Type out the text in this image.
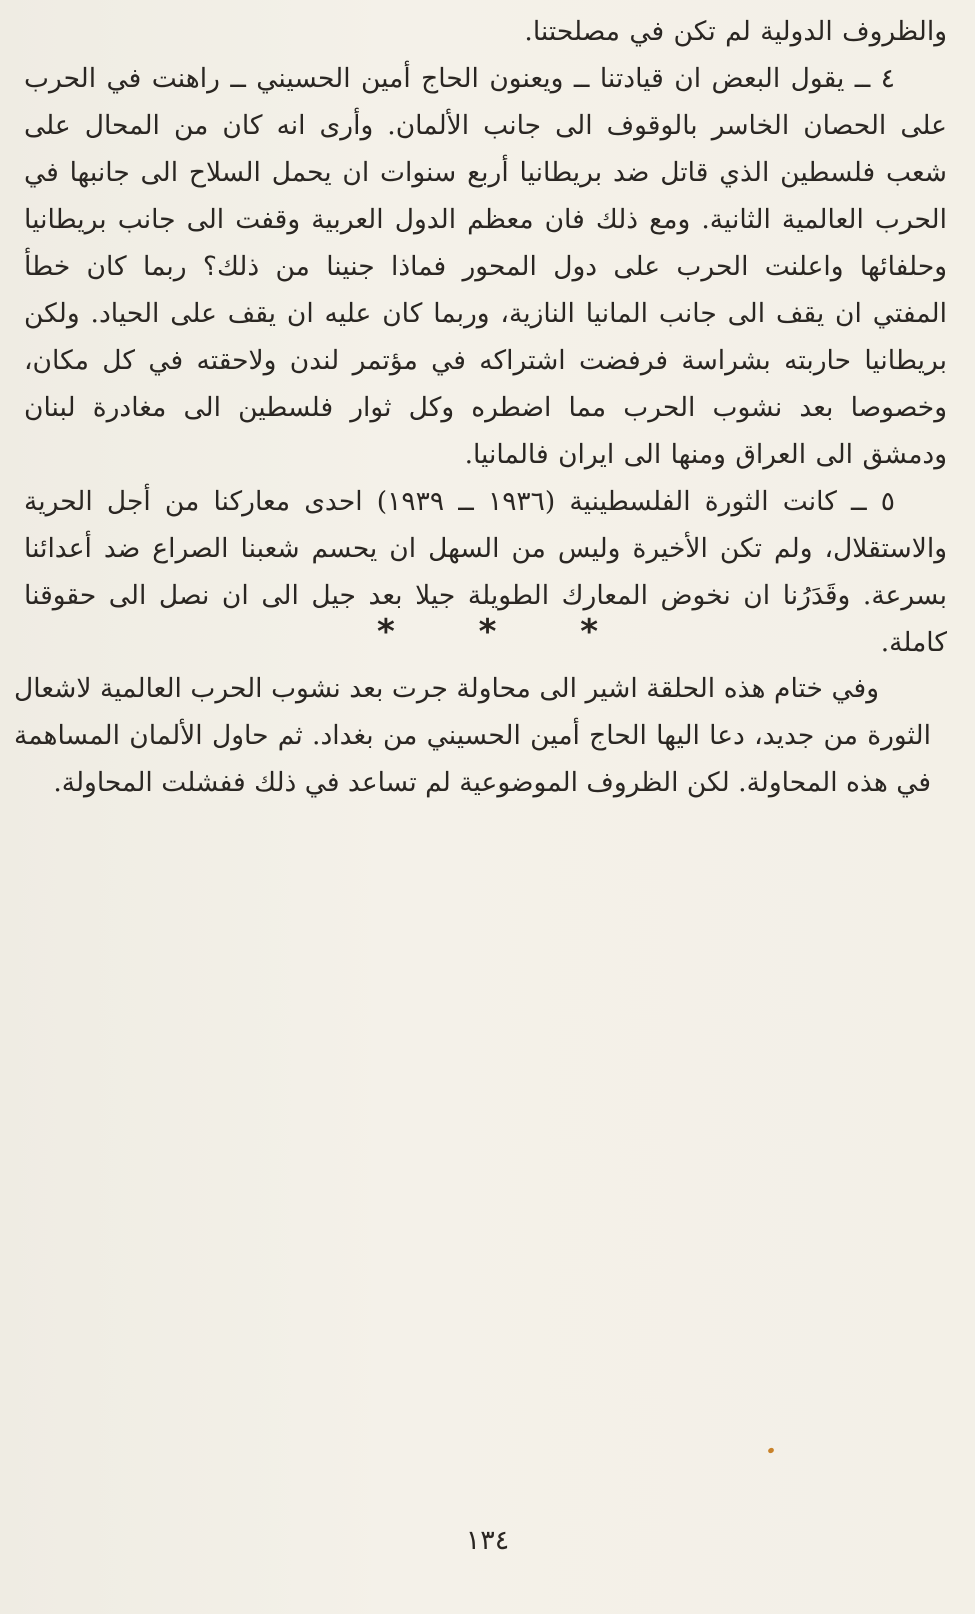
والظروف الدولية لم تكن في مصلحتنا.

٤ ــ يقول البعض ان قيادتنا ــ ويعنون الحاج أمين الحسيني ــ راهنت في الحرب على الحصان الخاسر بالوقوف الى جانب الألمان. وأرى انه كان من المحال على شعب فلسطين الذي قاتل ضد بريطانيا أربع سنوات ان يحمل السلاح الى جانبها في الحرب العالمية الثانية. ومع ذلك فان معظم الدول العربية وقفت الى جانب بريطانيا وحلفائها واعلنت الحرب على دول المحور فماذا جنينا من ذلك؟ ربما كان خطأ المفتي ان يقف الى جانب المانيا النازية، وربما كان عليه ان يقف على الحياد. ولكن بريطانيا حاربته بشراسة فرفضت اشتراكه في مؤتمر لندن ولاحقته في كل مكان، وخصوصا بعد نشوب الحرب مما اضطره وكل ثوار فلسطين الى مغادرة لبنان ودمشق الى العراق ومنها الى ايران فالمانيا.

٥ ــ كانت الثورة الفلسطينية (١٩٣٦ ــ ١٩٣٩) احدى معاركنا من أجل الحرية والاستقلال، ولم تكن الأخيرة وليس من السهل ان يحسم شعبنا الصراع ضد أعدائنا بسرعة. وقَدَرُنا ان نخوض المعارك الطويلة جيلا بعد جيل الى ان نصل الى حقوقنا كاملة.

* * *

وفي ختام هذه الحلقة اشير الى محاولة جرت بعد نشوب الحرب العالمية لاشعال الثورة من جديد، دعا اليها الحاج أمين الحسيني من بغداد. ثم حاول الألمان المساهمة في هذه المحاولة. لكن الظروف الموضوعية لم تساعد في ذلك ففشلت المحاولة.

١٣٤
